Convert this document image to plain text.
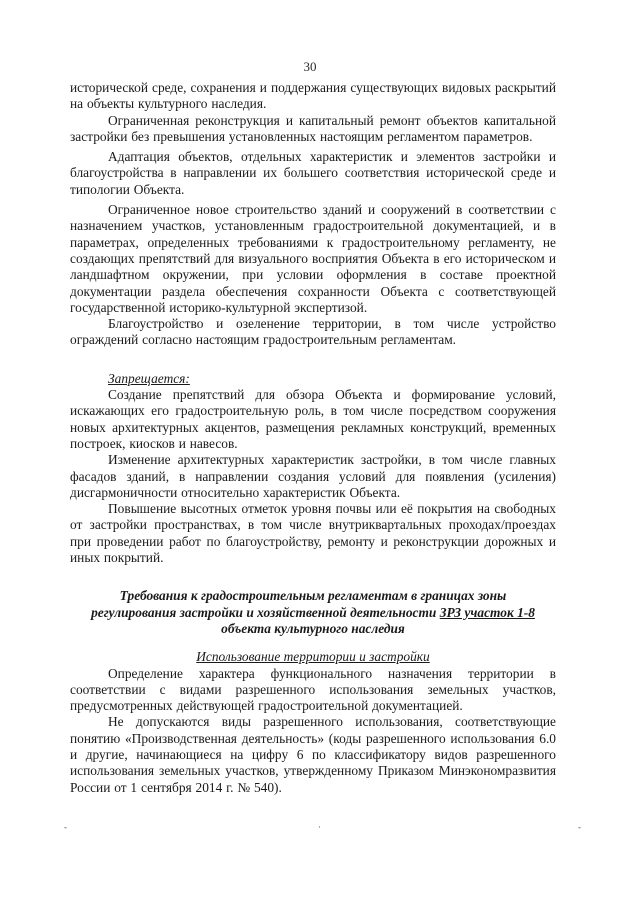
30

исторической среде, сохранения и поддержания существующих видовых раскрытий на объекты культурного наследия.

Ограниченная реконструкция и капитальный ремонт объектов капитальной застройки без превышения установленных настоящим регламентом параметров.

Адаптация объектов, отдельных характеристик и элементов застройки и благоустройства в направлении их большего соответствия исторической среде и типологии Объекта.

Ограниченное новое строительство зданий и сооружений в соответствии с назначением участков, установленным градостроительной документацией, и в параметрах, определенных требованиями к градостроительному регламенту, не создающих препятствий для визуального восприятия Объекта в его историческом и ландшафтном окружении, при условии оформления в составе проектной документации раздела обеспечения сохранности Объекта с соответствующей государственной историко-культурной экспертизой.

Благоустройство и озеленение территории, в том числе устройство ограждений согласно настоящим градостроительным регламентам.

Запрещается:

Создание препятствий для обзора Объекта и формирование условий, искажающих его градостроительную роль, в том числе посредством сооружения новых архитектурных акцентов, размещения рекламных конструкций, временных построек, киосков и навесов.

Изменение архитектурных характеристик застройки, в том числе главных фасадов зданий, в направлении создания условий для появления (усиления) дисгармоничности относительно характеристик Объекта.

Повышение высотных отметок уровня почвы или её покрытия на свободных от застройки пространствах, в том числе внутриквартальных проходах/проездах при проведении работ по благоустройству, ремонту и реконструкции дорожных и иных покрытий.

Требования к градостроительным регламентам в границах зоны
регулирования застройки и хозяйственной деятельности ЗРЗ участок 1-8
объекта культурного наследия

Использование территории и застройки

Определение характера функционального назначения территории в соответствии с видами разрешенного использования земельных участков, предусмотренных действующей градостроительной документацией.

Не допускаются виды разрешенного использования, соответствующие понятию «Производственная деятельность» (коды разрешенного использования 6.0 и другие, начинающиеся на цифру 6 по классификатору видов разрешенного использования земельных участков, утвержденному Приказом Минэкономразвития России от 1 сентября 2014 г. № 540).

‑	·	‑
